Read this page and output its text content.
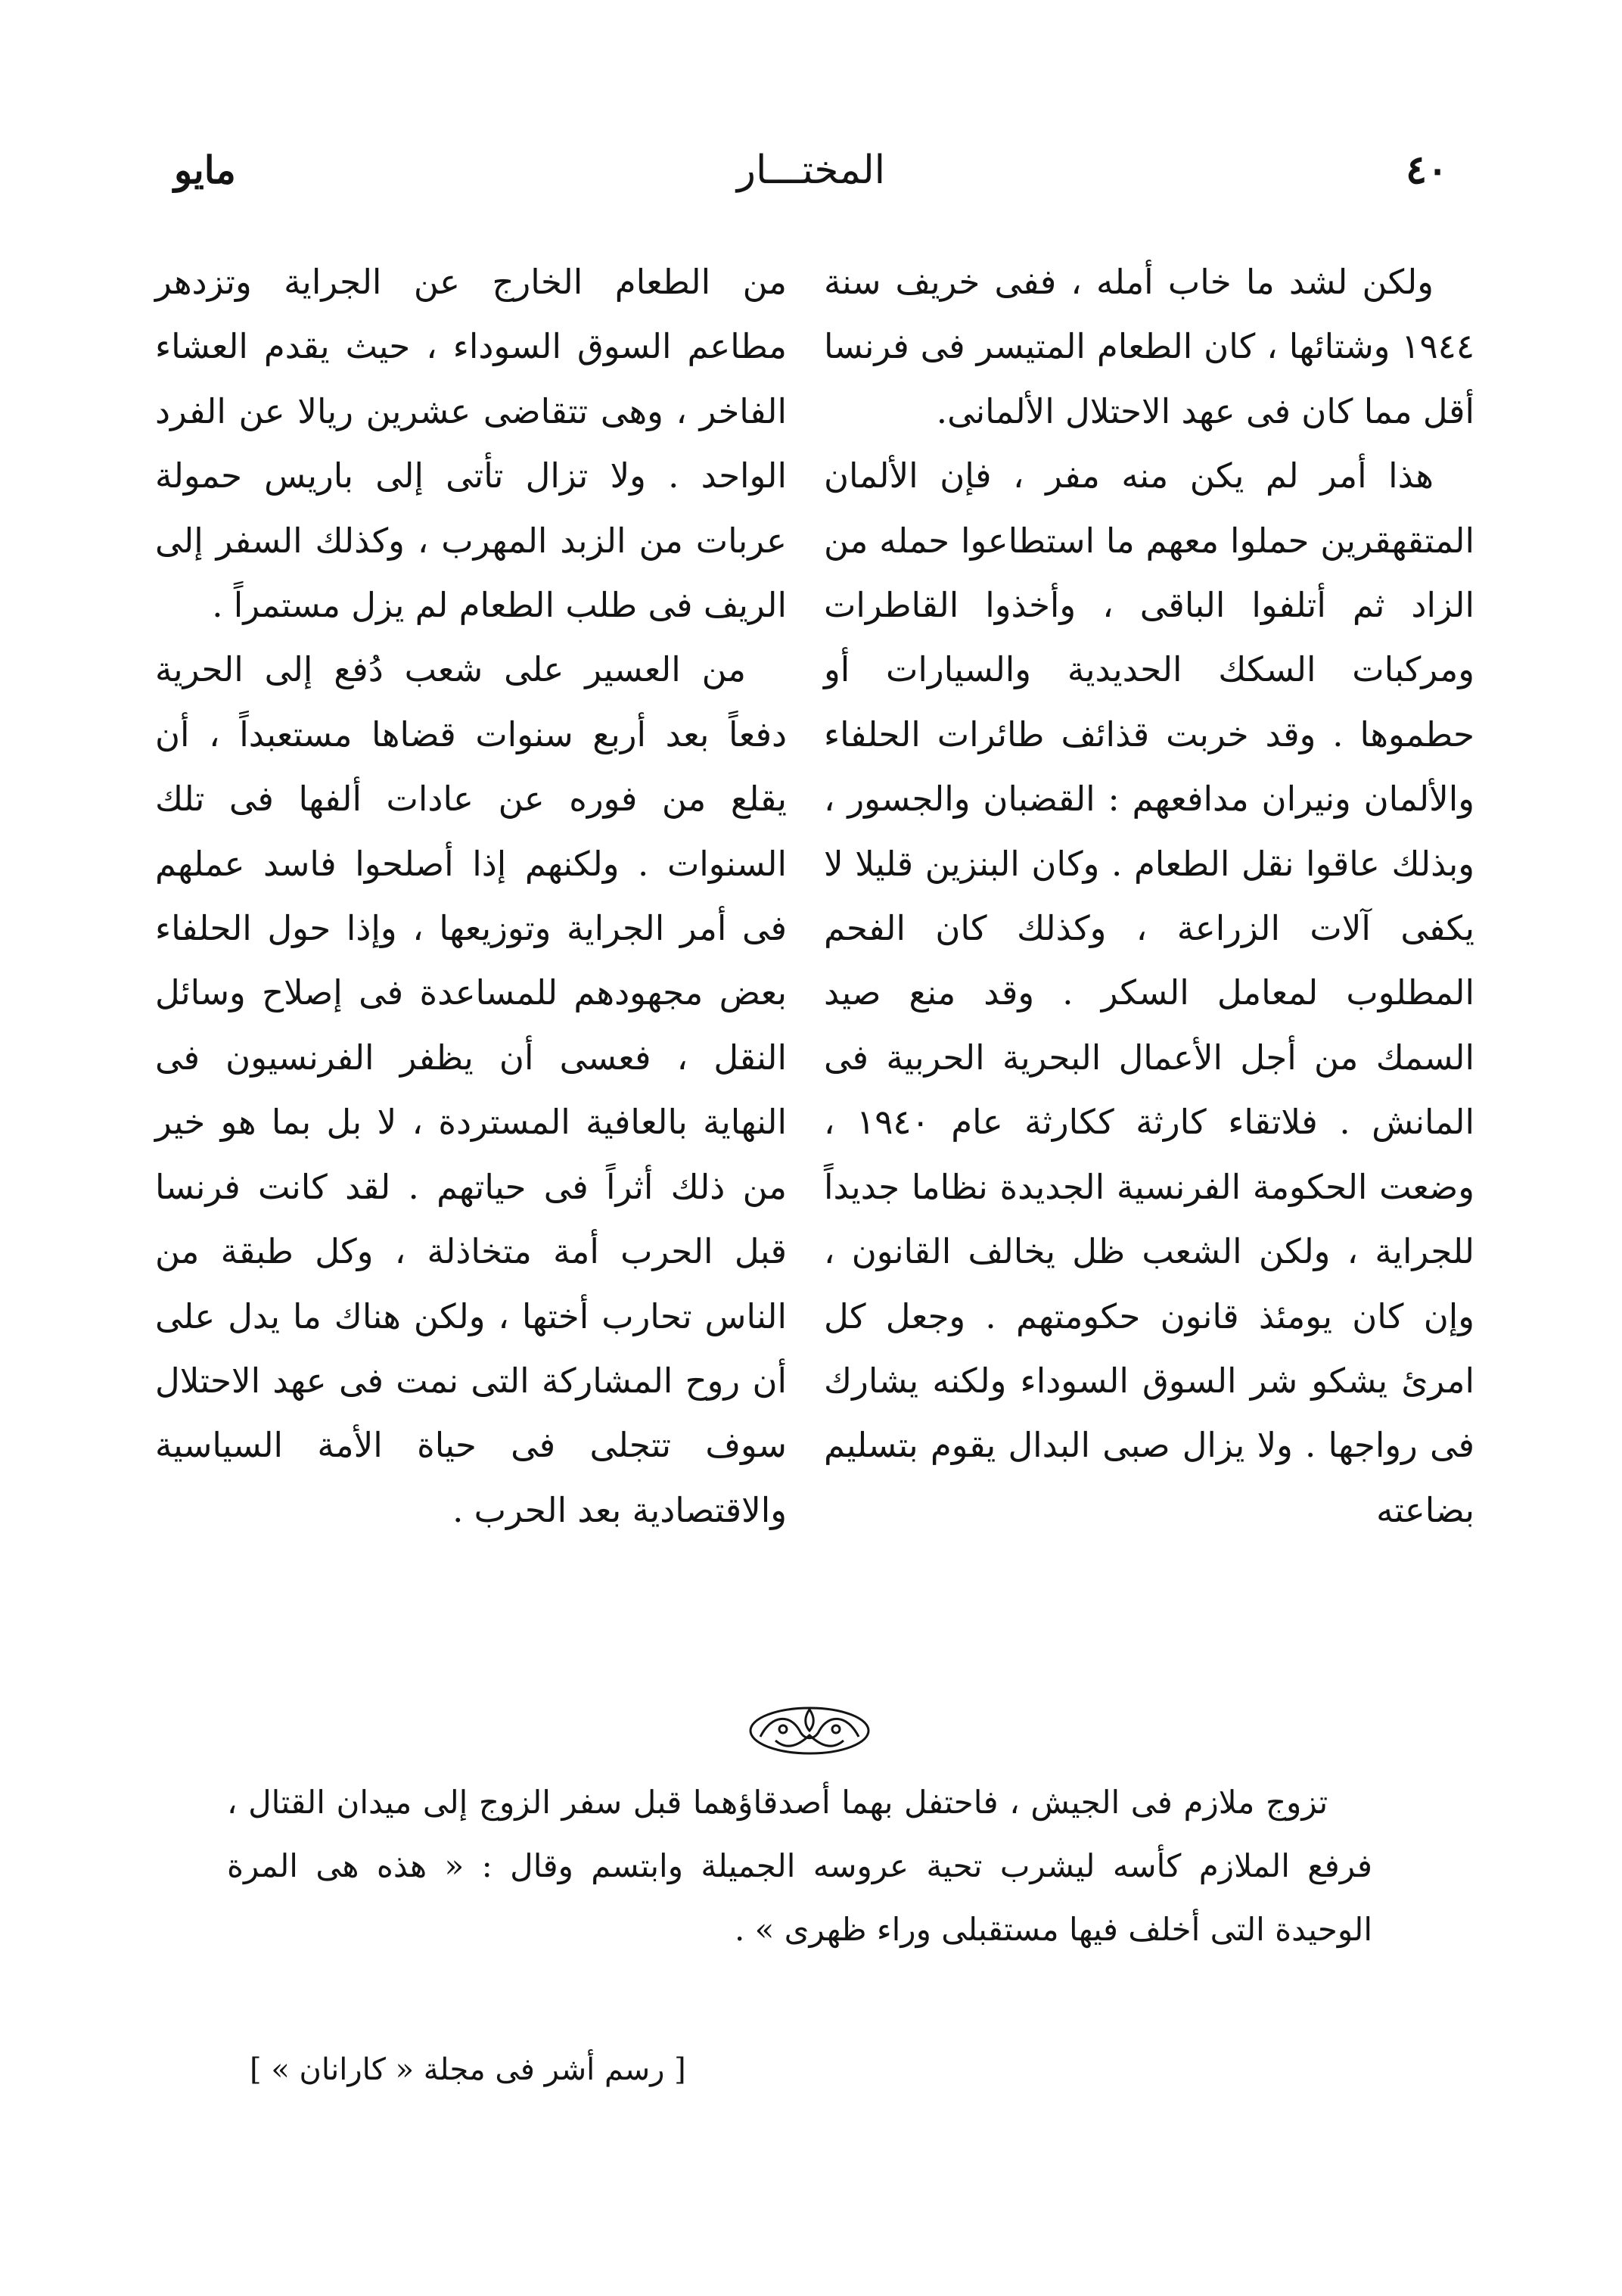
٤٠
المختـــار
مايو

ولكن لشد ما خاب أمله ، ففى خريف سنة ١٩٤٤ وشتائها ، كان الطعام المتيسر فى فرنسا أقل مما كان فى عهد الاحتلال الألمانى.

هذا أمر لم يكن منه مفر ، فإن الألمان المتقهقرين حملوا معهم ما استطاعوا حمله من الزاد ثم أتلفوا الباقى ، وأخذوا القاطرات ومركبات السكك الحديدية والسيارات أو حطموها . وقد خربت قذائف طائرات الحلفاء والألمان ونيران مدافعهم : القضبان والجسور ، وبذلك عاقوا نقل الطعام . وكان البنزين قليلا لا يكفى آلات الزراعة ، وكذلك كان الفحم المطلوب لمعامل السكر . وقد منع صيد السمك من أجل الأعمال البحرية الحربية فى المانش . فلاتقاء كارثة ككارثة عام ١٩٤٠ ، وضعت الحكومة الفرنسية الجديدة نظاما جديداً للجراية ، ولكن الشعب ظل يخالف القانون ، وإن كان يومئذ قانون حكومتهم . وجعل كل امرئ يشكو شر السوق السوداء ولكنه يشارك فى رواجها . ولا يزال صبى البدال يقوم بتسليم بضاعته

من الطعام الخارج عن الجراية وتزدهر مطاعم السوق السوداء ، حيث يقدم العشاء الفاخر ، وهى تتقاضى عشرين ريالا عن الفرد الواحد . ولا تزال تأتى إلى باريس حمولة عربات من الزبد المهرب ، وكذلك السفر إلى الريف فى طلب الطعام لم يزل مستمراً .

من العسير على شعب دُفع إلى الحرية دفعاً بعد أربع سنوات قضاها مستعبداً ، أن يقلع من فوره عن عادات ألفها فى تلك السنوات . ولكنهم إذا أصلحوا فاسد عملهم فى أمر الجراية وتوزيعها ، وإذا حول الحلفاء بعض مجهودهم للمساعدة فى إصلاح وسائل النقل ، فعسى أن يظفر الفرنسيون فى النهاية بالعافية المستردة ، لا بل بما هو خير من ذلك أثراً فى حياتهم . لقد كانت فرنسا قبل الحرب أمة متخاذلة ، وكل طبقة من الناس تحارب أختها ، ولكن هناك ما يدل على أن روح المشاركة التى نمت فى عهد الاحتلال سوف تتجلى فى حياة الأمة السياسية والاقتصادية بعد الحرب .

تزوج ملازم فى الجيش ، فاحتفل بهما أصدقاؤهما قبل سفر الزوج إلى ميدان القتال ، فرفع الملازم كأسه ليشرب تحية عروسه الجميلة وابتسم وقال : « هذه هى المرة الوحيدة التى أخلف فيها مستقبلى وراء ظهرى » .

[ رسم أشر فى مجلة « كارانان » ]
